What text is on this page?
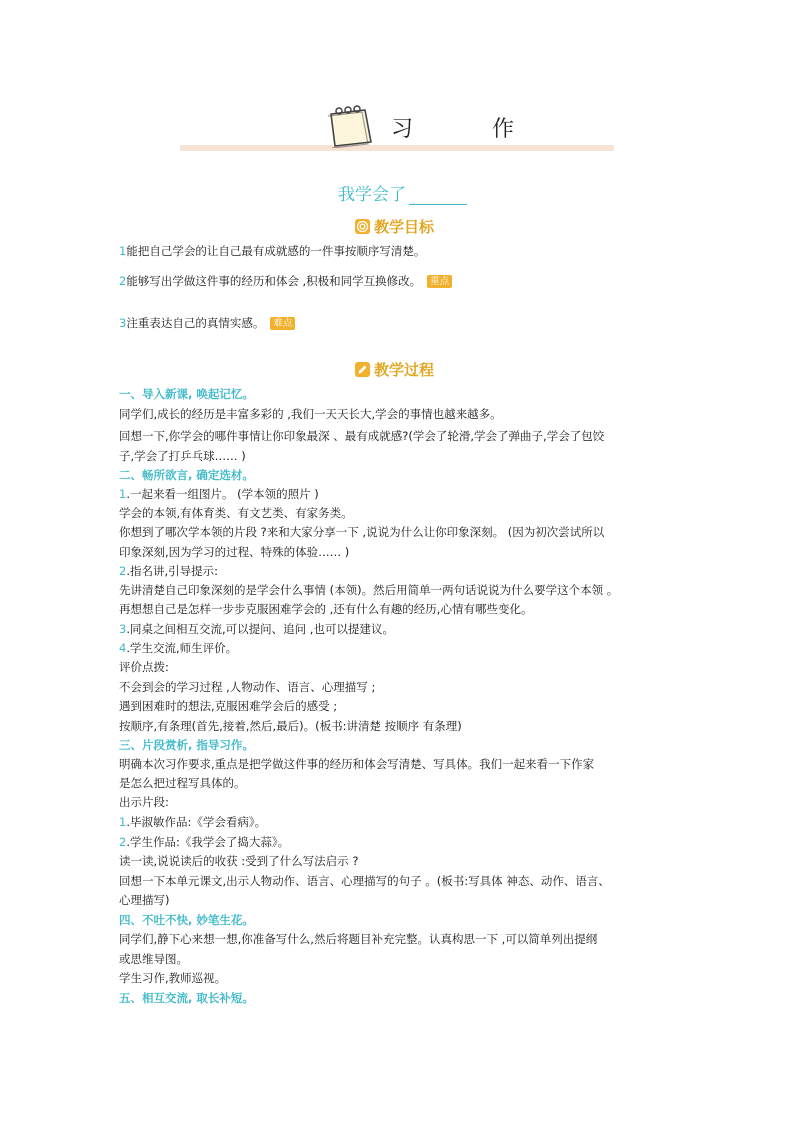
习 作
我学会了
教学目标
1能把自己学会的让自己最有成就感的一件事按顺序写清楚。
2能够写出学做这件事的经历和体会 ,积极和同学互换修改。 重点
3注重表达自己的真情实感。 难点
教学过程
一、导入新课, 唤起记忆。
同学们,成长的经历是丰富多彩的 ,我们一天天长大,学会的事情也越来越多。
回想一下,你学会的哪件事情让你印象最深 、最有成就感?(学会了轮滑,学会了弹曲子,学会了包饺
子,学会了打乒乓球…… )
二、畅所欲言, 确定选材。
1.一起来看一组图片。 (学本领的照片 )
学会的本领,有体育类、有文艺类、有家务类。
你想到了哪次学本领的片段 ?来和大家分享一下 ,说说为什么让你印象深刻。 (因为初次尝试所以
印象深刻,因为学习的过程、特殊的体验…… )
2.指名讲,引导提示:
先讲清楚自己印象深刻的是学会什么事情 (本领)。然后用简单一两句话说说为什么要学这个本领 。
再想想自己是怎样一步步克服困难学会的 ,还有什么有趣的经历,心情有哪些变化。
3.同桌之间相互交流,可以提问、追问 ,也可以提建议。
4.学生交流,师生评价。
评价点拨:
不会到会的学习过程 ,人物动作、语言、心理描写 ;
遇到困难时的想法,克服困难学会后的感受 ;
按顺序,有条理(首先,接着,然后,最后)。(板书:讲清楚 按顺序 有条理)
三、片段赏析, 指导习作。
明确本次习作要求,重点是把学做这件事的经历和体会写清楚、写具体。我们一起来看一下作家
是怎么把过程写具体的。
出示片段:
1.毕淑敏作品:《学会看病》。
2.学生作品:《我学会了捣大蒜》。
读一读,说说读后的收获 :受到了什么写法启示 ?
回想一下本单元课文,出示人物动作、语言、心理描写的句子 。(板书:写具体 神态、动作、语言、
心理描写)
四、不吐不快, 妙笔生花。
同学们,静下心来想一想,你准备写什么,然后将题目补充完整。认真构思一下 ,可以简单列出提纲
或思维导图。
学生习作,教师巡视。
五、相互交流, 取长补短。
